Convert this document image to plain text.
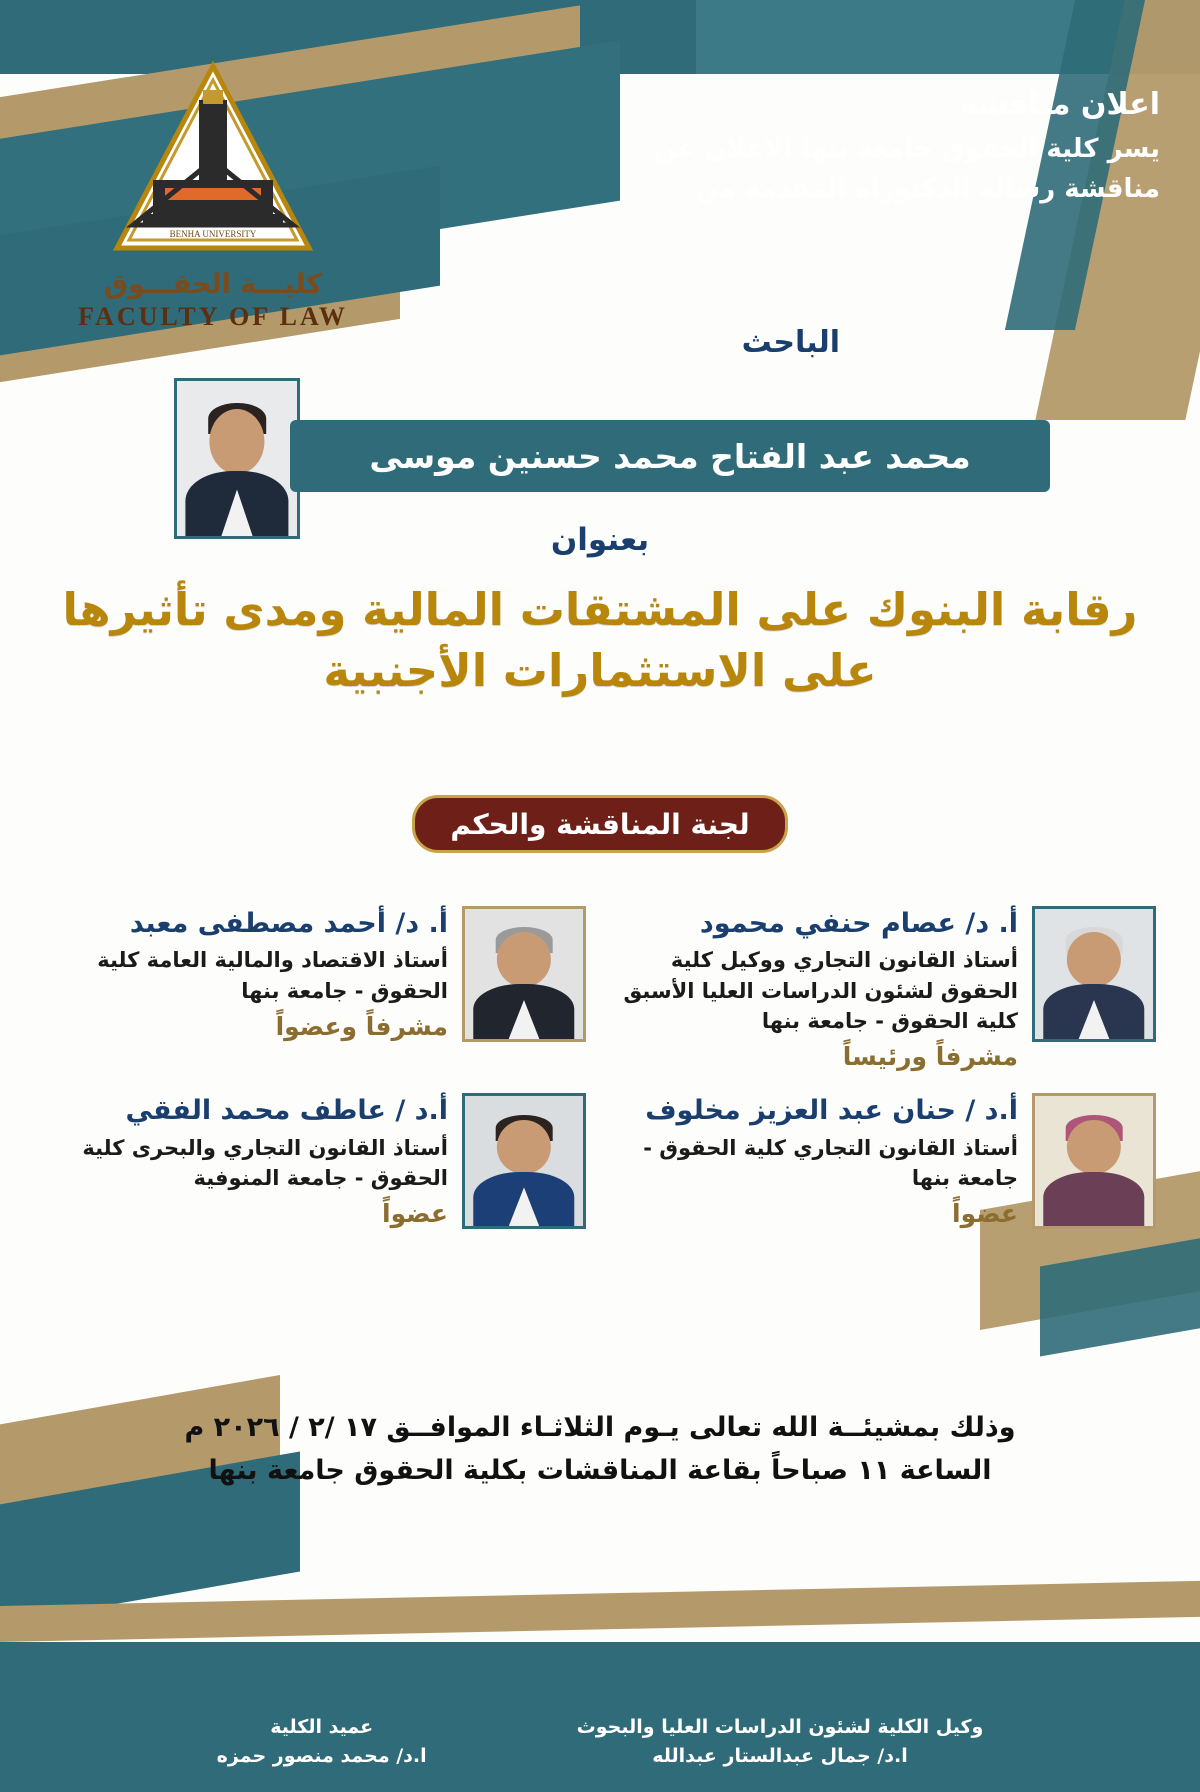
اعلان مناقشه
يسر كلية الحقوق جامعة بنها الاعلان عن
مناقشة رسالة الدكتوراه المقدمة من
BENHA UNIVERSITY
كليـــة الحقـــوق
FACULTY OF LAW
الباحث
محمد عبد الفتاح محمد حسنين موسى
بعنوان
رقابة البنوك على المشتقات المالية ومدى تأثيرها على الاستثمارات الأجنبية
لجنة المناقشة والحكم
أ. د/ عصام حنفي محمود
أستاذ القانون التجاري ووكيل كلية الحقوق لشئون الدراسات العليا الأسبق كلية الحقوق - جامعة بنها
مشرفاً ورئيساً
أ. د/ أحمد مصطفى معبد
أستاذ الاقتصاد والمالية العامة كلية الحقوق - جامعة بنها
مشرفاً وعضواً
أ.د / حنان عبد العزيز مخلوف
أستاذ القانون التجاري كلية الحقوق - جامعة بنها
عضواً
أ.د / عاطف محمد الفقي
أستاذ القانون التجاري والبحرى كلية الحقوق - جامعة المنوفية
عضواً
وذلك بمشيئــة الله تعالى يـوم الثلاثـاء الموافــق ١٧ /٢ / ٢٠٢٦ م
الساعة ١١ صباحاً بقاعة المناقشات بكلية الحقوق جامعة بنها
وكيل الكلية لشئون الدراسات العليا والبحوث
ا.د/ جمال عبدالستار عبدالله
عميد الكلية
ا.د/ محمد منصور حمزه
